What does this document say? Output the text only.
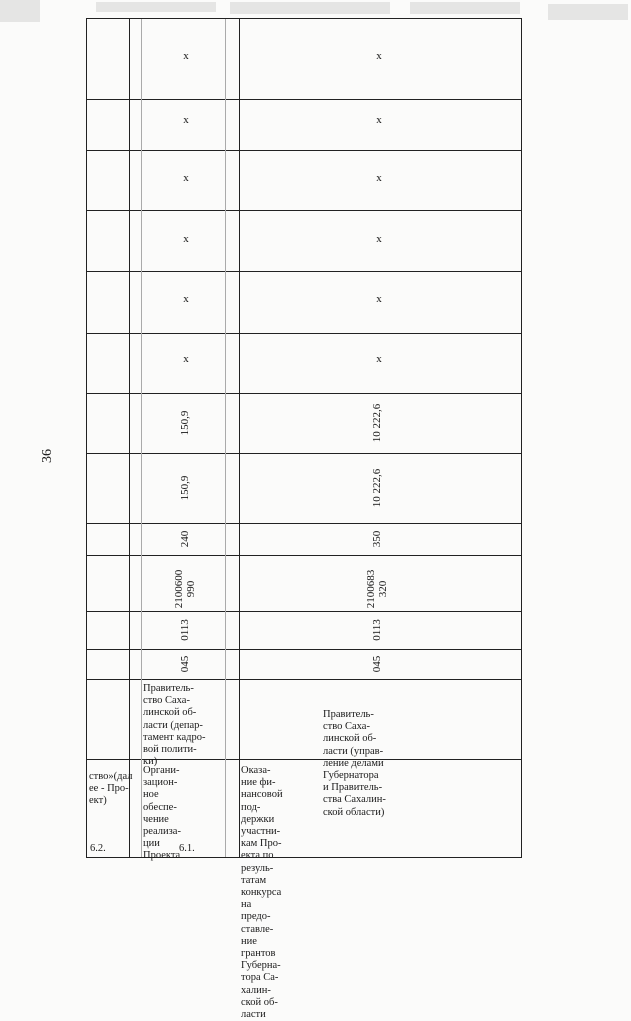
36
ство»(дал
ее - Про-
ект)
Органи-
зацион-
ное
обеспе-
чение
реализа-
ции
Проекта
6.1.
Правитель-
ство Саха-
линской об-
ласти (депар-
тамент кадро-
вой полити-
ки)
045
0113
2100600 990
240
150,9
150,9
x
x
x
x
x
x
Оказа-
ние фи-
нансовой
под-
держки
участни-
кам Про-
екта по
резуль-
татам
конкурса
на
предо-
ставле-
ние
грантов
Губерна-
тора Са-
халин-
ской об-
ласти
6.2.
Правитель-
ство Саха-
линской об-
ласти (управ-
ление делами
Губернатора
и Правитель-
ства Сахалин-
ской области)
045
0113
2100683 320
350
10 222,6
10 222,6
x
x
x
x
x
x
